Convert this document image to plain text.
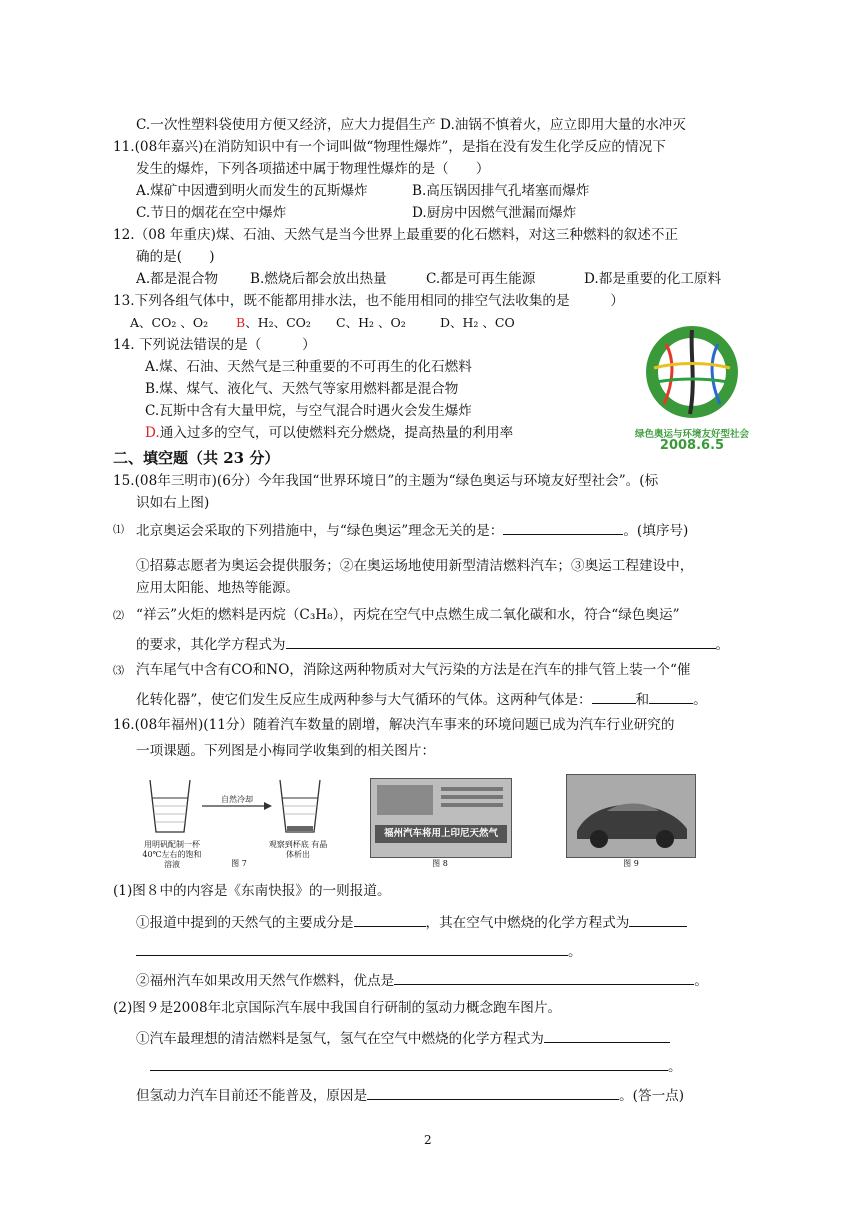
C.一次性塑料袋使用方便又经济，应大力提倡生产 D.油锅不慎着火，应立即用大量的水冲灭
11.(08年嘉兴)在消防知识中有一个词叫做“物理性爆炸”，是指在没有发生化学反应的情况下
发生的爆炸，下列各项描述中属于物理性爆炸的是（　　）
A.煤矿中因遭到明火而发生的瓦斯爆炸	B.高压锅因排气孔堵塞而爆炸
C.节日的烟花在空中爆炸	D.厨房中因燃气泄漏而爆炸
12.（08 年重庆)煤、石油、天然气是当今世界上最重要的化石燃料，对这三种燃料的叙述不正
确的是(　　)
A.都是混合物 B.燃烧后都会放出热量	C.都是可再生能源	D.都是重要的化工原料
13.下列各组气体中，既不能都用排水法，也不能用相同的排空气法收集的是　　　）
A、CO₂ 、O₂ B、H₂、CO₂ C、H₂ 、O₂	D、H₂ 、CO
14. 下列说法错误的是（　　　）
A.煤、石油、天然气是三种重要的不可再生的化石燃料
B.煤、煤气、液化气、天然气等家用燃料都是混合物
C.瓦斯中含有大量甲烷，与空气混合时遇火会发生爆炸
D.通入过多的空气，可以使燃料充分燃烧，提高热量的利用率	绿色奥运与环境友好型社会
2008.6.5
二、填空题（共 23 分）
15.(08年三明市)(6分）今年我国“世界环境日”的主题为“绿色奥运与环境友好型社会”。(标
识如右上图)
⑴ 北京奥运会采取的下列措施中，与“绿色奥运”理念无关的是：	。(填序号)
①招募志愿者为奥运会提供服务；②在奥运场地使用新型清洁燃料汽车；③奥运工程建设中，
应用太阳能、地热等能源。
⑵ “祥云”火炬的燃料是丙烷（C₃H₈），丙烷在空气中点燃生成二氧化碳和水，符合“绿色奥运”
的要求，其化学方程式为	。
⑶ 汽车尾气中含有CO和NO，消除这两种物质对大气污染的方法是在汽车的排气管上装一个“催
化转化器”，使它们发生反应生成两种参与大气循环的气体。这两种气体是：	和	。
16.(08年福州)(11分）随着汽车数量的剧增，解决汽车事来的环境问题已成为汽车行业研究的
一项课题。下列图是小梅同学收集到的相关图片：
自然冷却
用明矾配制一杯 40℃左右的饱和溶液
观察到杯底 有晶体析出
图 7
福州汽车将用上印尼天然气
图 8	图 9
(1)图８中的内容是《东南快报》的一则报道。
①报道中提到的天然气的主要成分是	，其在空气中燃烧的化学方程式为
。
②福州汽车如果改用天然气作燃料，优点是	。
(2)图９是2008年北京国际汽车展中我国自行研制的氢动力概念跑车图片。
①汽车最理想的清洁燃料是氢气，氢气在空气中燃烧的化学方程式为
。
但氢动力汽车目前还不能普及，原因是	。(答一点)
2
